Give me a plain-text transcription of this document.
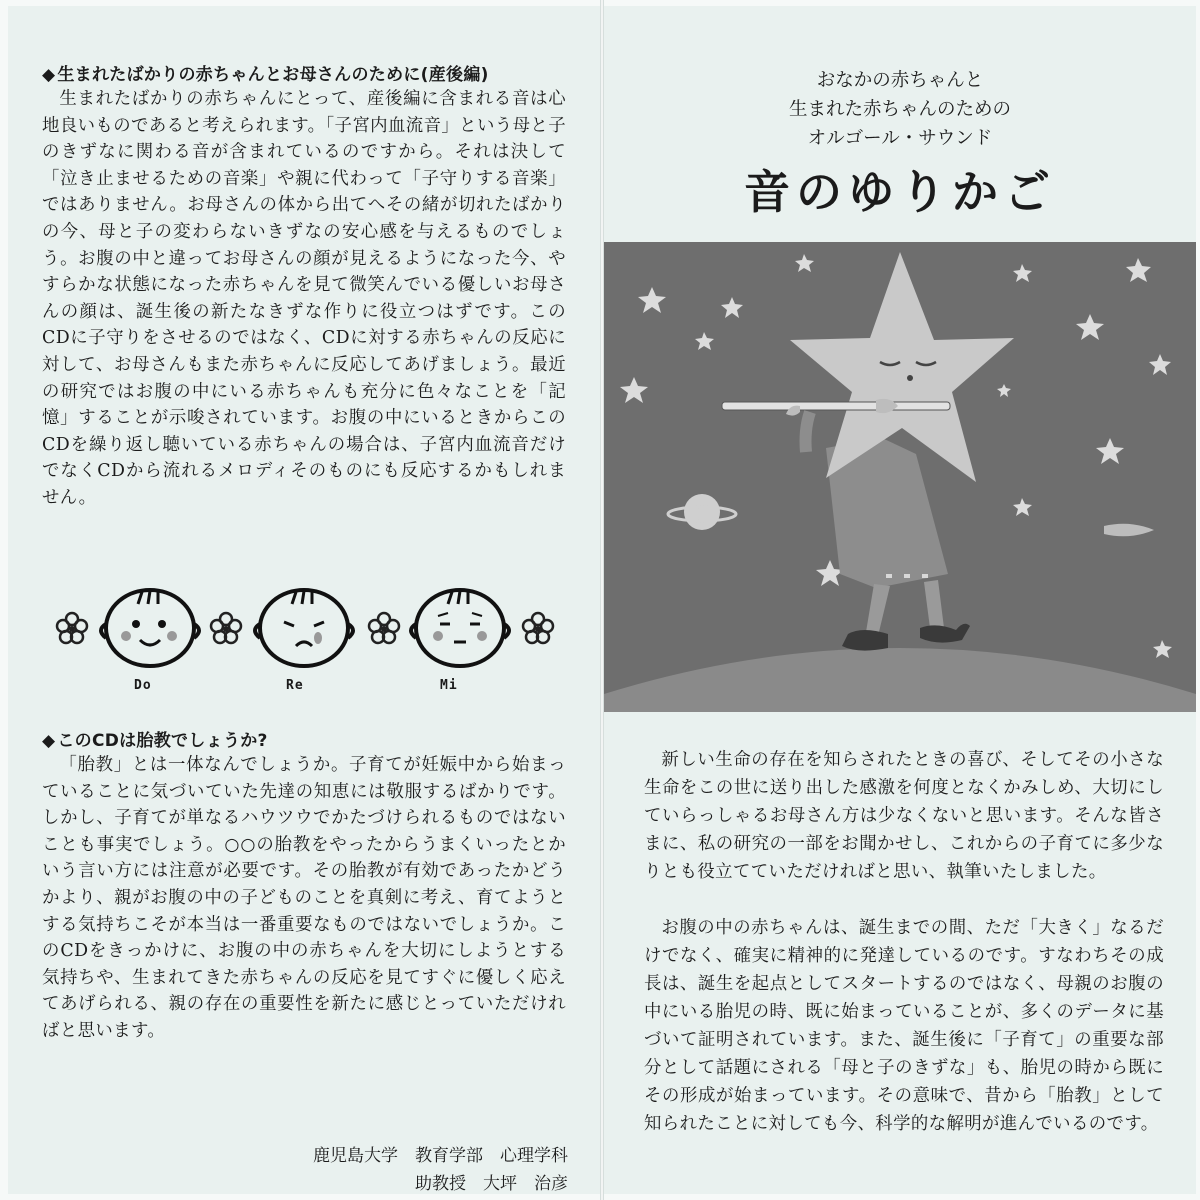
◆ 生まれたばかりの赤ちゃんとお母さんのために(産後編)

生まれたばかりの赤ちゃんにとって、産後編に含まれる音は心地良いものであると考えられます。「子宮内血流音」という母と子のきずなに関わる音が含まれているのですから。それは決して「泣き止ませるための音楽」や親に代わって「子守りする音楽」ではありません。お母さんの体から出てへその緒が切れたばかりの今、母と子の変わらないきずなの安心感を与えるものでしょう。お腹の中と違ってお母さんの顔が見えるようになった今、やすらかな状態になった赤ちゃんを見て微笑んでいる優しいお母さんの顔は、誕生後の新たなきずな作りに役立つはずです。このCDに子守りをさせるのではなく、CDに対する赤ちゃんの反応に対して、お母さんもまた赤ちゃんに反応してあげましょう。最近の研究ではお腹の中にいる赤ちゃんも充分に色々なことを「記憶」することが示唆されています。お腹の中にいるときからこのCDを繰り返し聴いている赤ちゃんの場合は、子宮内血流音だけでなくCDから流れるメロディそのものにも反応するかもしれません。

Do	Re	Mi
◆ このCDは胎教でしょうか?

「胎教」とは一体なんでしょうか。子育てが妊娠中から始まっていることに気づいていた先達の知恵には敬服するばかりです。しかし、子育てが単なるハウツウでかたづけられるものではないことも事実でしょう。○○の胎教をやったからうまくいったとかいう言い方には注意が必要です。その胎教が有効であったかどうかより、親がお腹の中の子どものことを真剣に考え、育てようとする気持ちこそが本当は一番重要なものではないでしょうか。このCDをきっかけに、お腹の中の赤ちゃんを大切にしようとする気持ちや、生まれてきた赤ちゃんの反応を見てすぐに優しく応えてあげられる、親の存在の重要性を新たに感じとっていただければと思います。

鹿児島大学　教育学部　心理学科
助教授　大坪　治彦

おなかの赤ちゃんと

生まれた赤ちゃんのための

オルゴール・サウンド

音のゆりかご

新しい生命の存在を知らされたときの喜び、そしてその小さな生命をこの世に送り出した感激を何度となくかみしめ、大切にしていらっしゃるお母さん方は少なくないと思います。そんな皆さまに、私の研究の一部をお聞かせし、これからの子育てに多少なりとも役立てていただければと思い、執筆いたしました。

お腹の中の赤ちゃんは、誕生までの間、ただ「大きく」なるだけでなく、確実に精神的に発達しているのです。すなわちその成長は、誕生を起点としてスタートするのではなく、母親のお腹の中にいる胎児の時、既に始まっていることが、多くのデータに基づいて証明されています。また、誕生後に「子育て」の重要な部分として話題にされる「母と子のきずな」も、胎児の時から既にその形成が始まっています。その意味で、昔から「胎教」として知られたことに対しても今、科学的な解明が進んでいるのです。
